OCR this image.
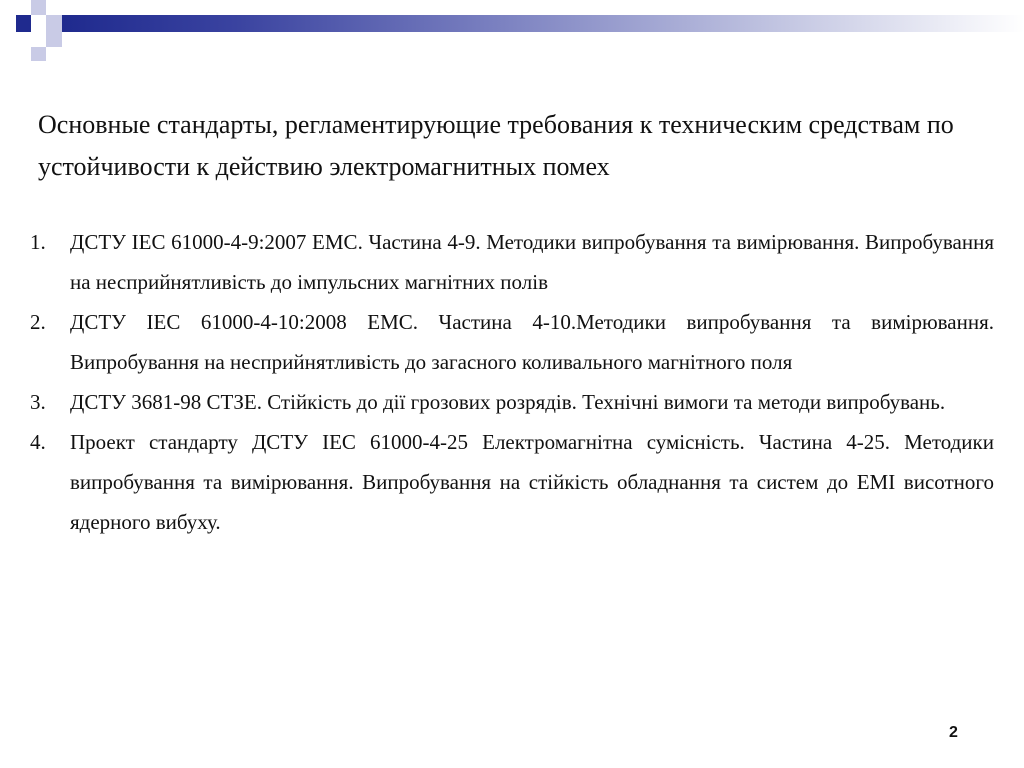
Основные стандарты, регламентирующие требования к техническим средствам по устойчивости к действию электромагнитных помех
1. ДСТУ IEC 61000-4-9:2007 EMC. Частина 4-9. Методики випробування та вимірювання. Випробування на несприйнятливість до імпульсних магнітних полів
2. ДСТУ IEC 61000-4-10:2008 EMC. Частина 4-10.Методики випробування та вимірювання. Випробування на несприйнятливість до загасного коливального магнітного поля
3. ДСТУ 3681-98 СТЗЕ. Стійкість до дії грозових розрядів. Технічні вимоги та методи випробувань.
4. Проект стандарту ДСТУ IEC 61000-4-25 Електромагнітна сумісність. Частина 4-25. Методики випробування та вимірювання. Випробування на стійкість обладнання та систем до EMI висотного ядерного вибуху.
2
